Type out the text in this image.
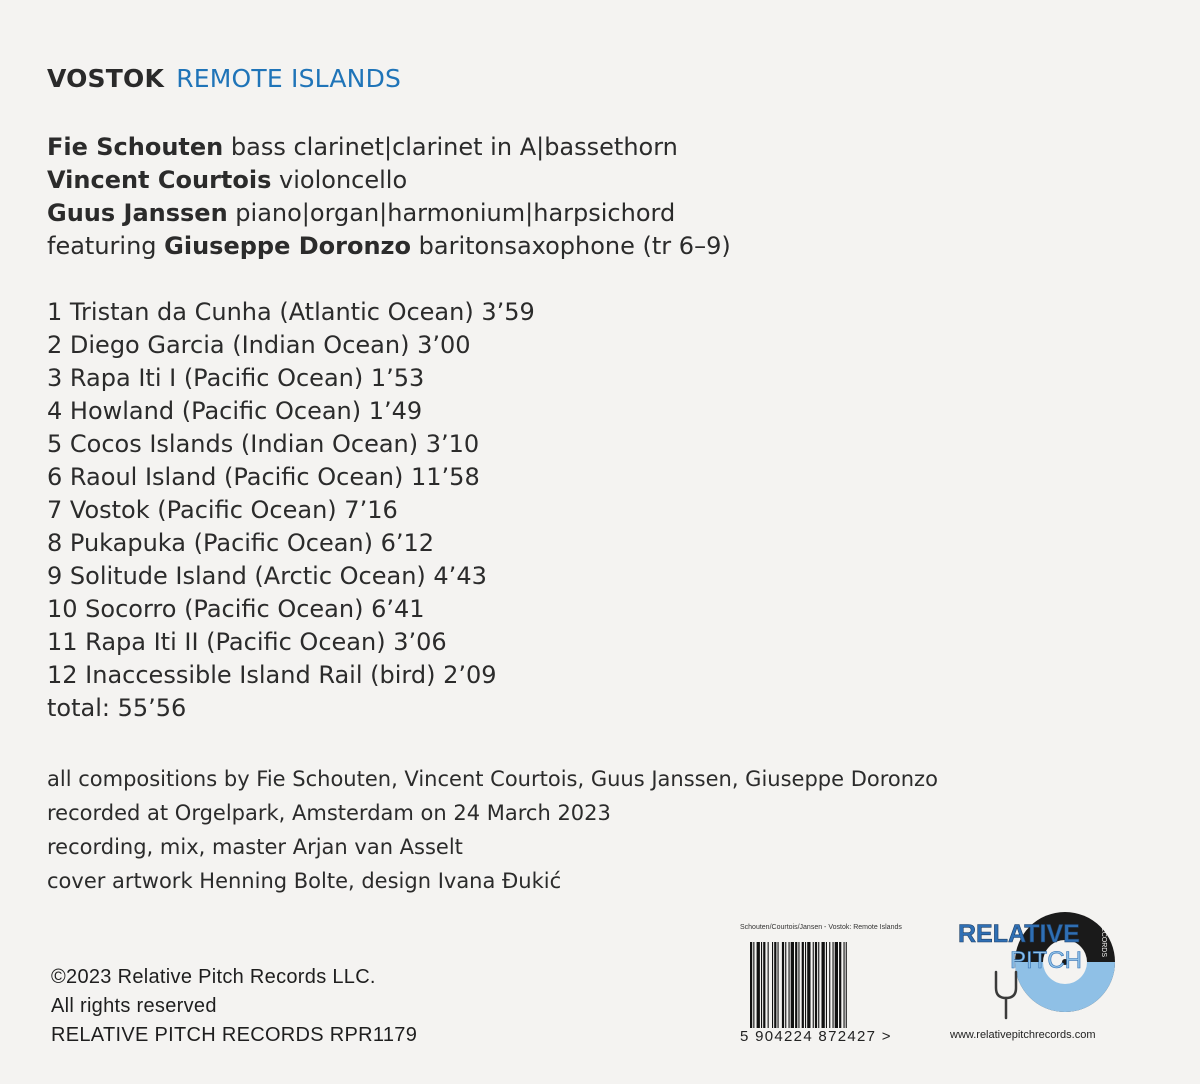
VOSTOK REMOTE ISLANDS
Fie Schouten bass clarinet|clarinet in A|bassethorn
Vincent Courtois violoncello
Guus Janssen piano|organ|harmonium|harpsichord
featuring Giuseppe Doronzo baritonsaxophone (tr 6–9)
1 Tristan da Cunha (Atlantic Ocean) 3’59
2 Diego Garcia (Indian Ocean) 3’00
3 Rapa Iti I (Pacific Ocean) 1’53
4 Howland (Pacific Ocean) 1’49
5 Cocos Islands (Indian Ocean) 3’10
6 Raoul Island (Pacific Ocean) 11’58
7 Vostok (Pacific Ocean) 7’16
8 Pukapuka (Pacific Ocean) 6’12
9 Solitude Island (Arctic Ocean) 4’43
10 Socorro (Pacific Ocean) 6’41
11 Rapa Iti II (Pacific Ocean) 3’06
12 Inaccessible Island Rail (bird) 2’09
total: 55’56
all compositions by Fie Schouten, Vincent Courtois, Guus Janssen, Giuseppe Doronzo
recorded at Orgelpark, Amsterdam on 24 March 2023
recording, mix, master Arjan van Asselt
cover artwork Henning Bolte, design Ivana Đukić
©2023 Relative Pitch Records LLC.
All rights reserved
RELATIVE PITCH RECORDS RPR1179
Schouten/Courtois/Jansen - Vostok: Remote Islands
5 904224 872427 >
RELATIVE
PITCH
RECORDS
www.relativepitchrecords.com
